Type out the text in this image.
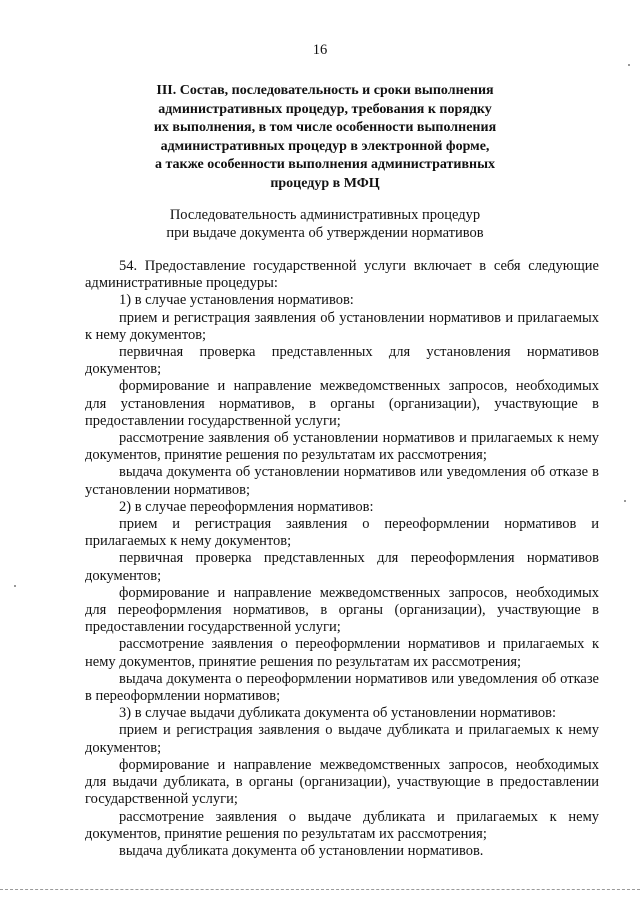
16
III. Состав, последовательность и сроки выполнения
административных процедур, требования к порядку
их выполнения, в том числе особенности выполнения
административных процедур в электронной форме,
а также особенности выполнения административных
процедур в МФЦ
Последовательность административных процедур
при выдаче документа об утверждении нормативов

54. Предоставление государственной услуги включает в себя следующие административные процедуры:

1) в случае установления нормативов:

прием и регистрация заявления об установлении нормативов и прилагаемых к нему документов;

первичная проверка представленных для установления нормативов документов;

формирование и направление межведомственных запросов, необходимых для установления нормативов, в органы (организации), участвующие в предоставлении государственной услуги;

рассмотрение заявления об установлении нормативов и прилагаемых к нему документов, принятие решения по результатам их рассмотрения;

выдача документа об установлении нормативов или уведомления об отказе в установлении нормативов;

2) в случае переоформления нормативов:

прием и регистрация заявления о переоформлении нормативов и прилагаемых к нему документов;

первичная проверка представленных для переоформления нормативов документов;

формирование и направление межведомственных запросов, необходимых для переоформления нормативов, в органы (организации), участвующие в предоставлении государственной услуги;

рассмотрение заявления о переоформлении нормативов и прилагаемых к нему документов, принятие решения по результатам их рассмотрения;

выдача документа о переоформлении нормативов или уведомления об отказе в переоформлении нормативов;

3) в случае выдачи дубликата документа об установлении нормативов:

прием и регистрация заявления о выдаче дубликата и прилагаемых к нему документов;

формирование и направление межведомственных запросов, необходимых для выдачи дубликата, в органы (организации), участвующие в предоставлении государственной услуги;

рассмотрение заявления о выдаче дубликата и прилагаемых к нему документов, принятие решения по результатам их рассмотрения;

выдача дубликата документа об установлении нормативов.
